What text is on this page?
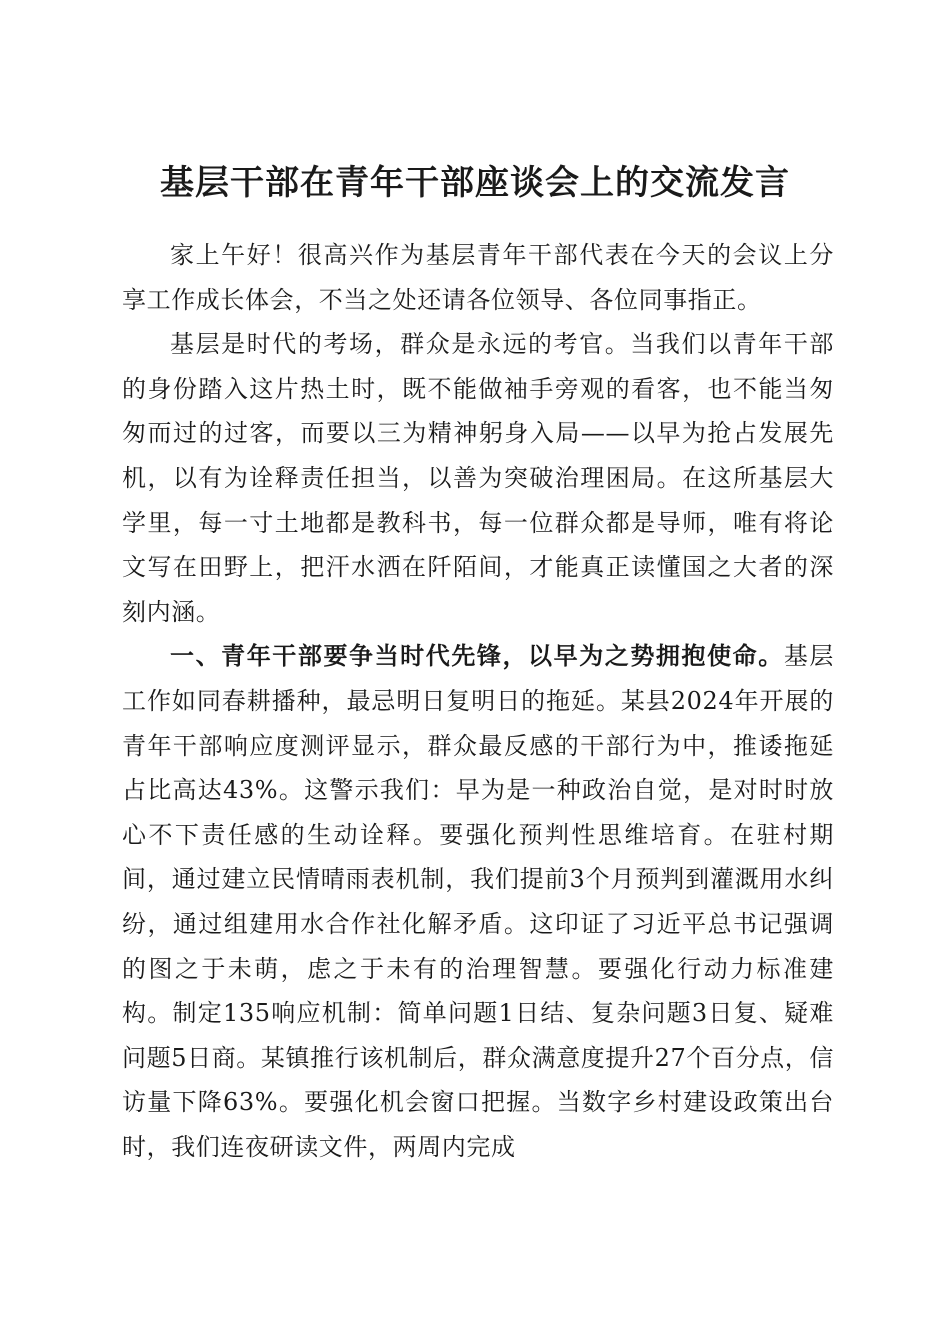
基层干部在青年干部座谈会上的交流发言

家上午好！很高兴作为基层青年干部代表在今天的会议上分享工作成长体会，不当之处还请各位领导、各位同事指正。

基层是时代的考场，群众是永远的考官。当我们以青年干部的身份踏入这片热土时，既不能做袖手旁观的看客，也不能当匆匆而过的过客，而要以三为精神躬身入局——以早为抢占发展先机，以有为诠释责任担当，以善为突破治理困局。在这所基层大学里，每一寸土地都是教科书，每一位群众都是导师，唯有将论文写在田野上，把汗水洒在阡陌间，才能真正读懂国之大者的深刻内涵。

一、青年干部要争当时代先锋，以早为之势拥抱使命。基层工作如同春耕播种，最忌明日复明日的拖延。某县2024年开展的青年干部响应度测评显示，群众最反感的干部行为中，推诿拖延占比高达43%。这警示我们：早为是一种政治自觉，是对时时放心不下责任感的生动诠释。要强化预判性思维培育。在驻村期间，通过建立民情晴雨表机制，我们提前3个月预判到灌溉用水纠纷，通过组建用水合作社化解矛盾。这印证了习近平总书记强调的图之于未萌，虑之于未有的治理智慧。要强化行动力标准建构。制定135响应机制：简单问题1日结、复杂问题3日复、疑难问题5日商。某镇推行该机制后，群众满意度提升27个百分点，信访量下降63%。要强化机会窗口把握。当数字乡村建设政策出台时，我们连夜研读文件，两周内完成
